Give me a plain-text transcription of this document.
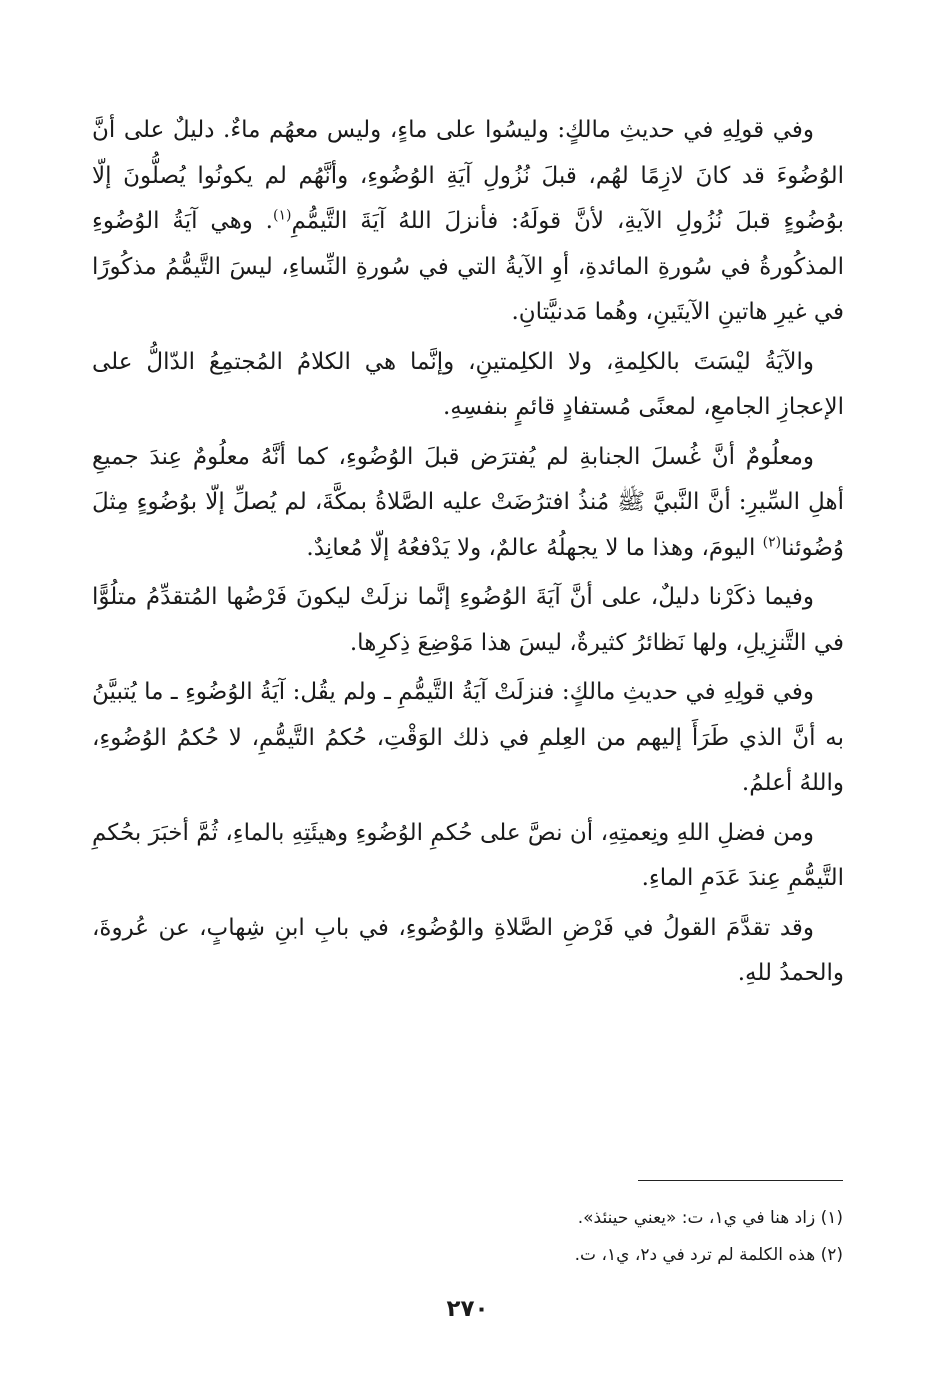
وفي قولِهِ في حديثِ مالكٍ: وليسُوا على ماءٍ، وليس معهُم ماءٌ. دليلٌ على أنَّ الوُضُوءَ قد كانَ لازِمًا لهُم، قبلَ نُزُولِ آيَةِ الوُضُوءِ، وأنَّهُم لم يكونُوا يُصلُّونَ إلّا بوُضُوءٍ قبلَ نُزُولِ الآيةِ، لأنَّ قولَهُ: فأنزلَ اللهُ آيَةَ التَّيمُّمِ$^{(١)}$. وهي آيَةُ الوُضُوءِ المذكُورةُ في سُورةِ المائدةِ، أوِ الآيةُ التي في سُورةِ النِّساءِ، ليسَ التَّيمُّمُ مذكُورًا في غيرِ هاتينِ الآيتَينِ، وهُما مَدنيَّتانِ.

والآيَةُ ليْسَتَ بالكلِمةِ، ولا الكلِمتينِ، وإنَّما هي الكلامُ المُجتمِعُ الدّالُّ على الإعجازِ الجامعِ، لمعنًى مُستفادٍ قائمٍ بنفسِهِ.

ومعلُومٌ أنَّ غُسلَ الجنابةِ لم يُفترَض قبلَ الوُضُوءِ، كما أنَّهُ معلُومٌ عِندَ جميعِ أهلِ السِّيرِ: أنَّ النَّبيَّ ﷺ مُنذُ افترُضَتْ عليه الصَّلاةُ بمكَّةَ، لم يُصلِّ إلّا بوُضُوءٍ مِثلَ وُضُوئنا$^{(٢)}$ اليومَ، وهذا ما لا يجهلُهُ عالمٌ، ولا يَدْفعُهُ إلّا مُعانِدٌ.

وفيما ذكَرْنا دليلٌ، على أنَّ آيَةَ الوُضُوءِ إنَّما نزلَتْ ليكونَ فَرْضُها المُتقدِّمُ متلُوًّا في التَّنزِيلِ، ولها نَظائرُ كثيرةٌ، ليسَ هذا مَوْضِعَ ذِكرِها.

وفي قولِهِ في حديثِ مالكٍ: فنزلَتْ آيَةُ التَّيمُّمِ ـ ولم يقُل: آيَةُ الوُضُوءِ ـ ما يُتبيَّنُ به أنَّ الذي طَرَأَ إليهم من العِلمِ في ذلك الوَقْتِ، حُكمُ التَّيمُّمِ، لا حُكمُ الوُضُوءِ، واللهُ أعلمُ.

ومن فضلِ اللهِ ونِعمتِهِ، أن نصَّ على حُكمِ الوُضُوءِ وهيئَتِهِ بالماءِ، ثُمَّ أخبَرَ بحُكمِ التَّيمُّمِ عِندَ عَدَمِ الماءِ.

وقد تقدَّمَ القولُ في فَرْضِ الصَّلاةِ والوُضُوءِ، في بابِ ابنِ شِهابٍ، عن عُروةَ، والحمدُ للهِ.

(١) زاد هنا في ي١، ت: «يعني حينئذ».

(٢) هذه الكلمة لم ترد في د٢، ي١، ت.

٢٧٠
